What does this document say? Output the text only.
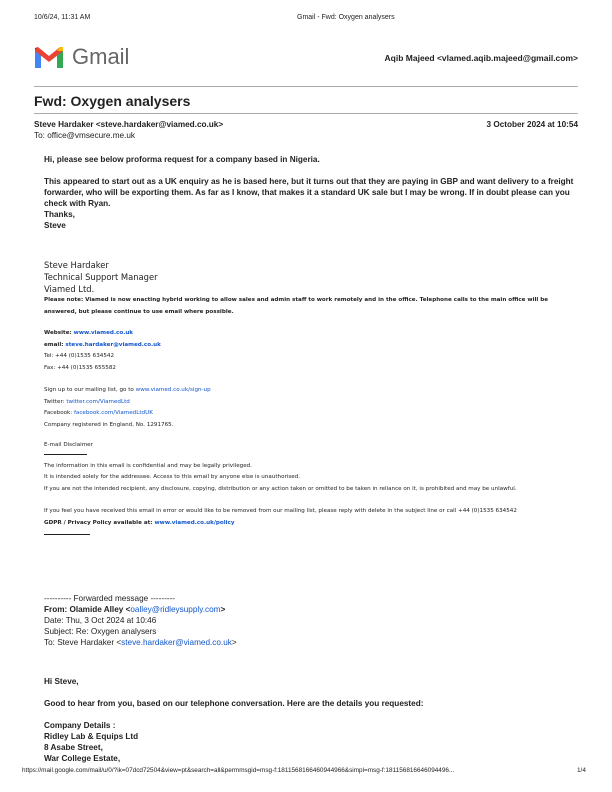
10/6/24, 11:31 AM	Gmail - Fwd: Oxygen analysers
Gmail	Aqib Majeed <vlamed.aqib.majeed@gmail.com>
Fwd: Oxygen analysers
Steve Hardaker <steve.hardaker@viamed.co.uk>	3 October 2024 at 10:54
To: office@vmsecure.me.uk
Hi, please see below proforma request for a company based in Nigeria.
This appeared to start out as a UK enquiry as he is based here, but it turns out that they are paying in GBP and want delivery to a freight forwarder, who will be exporting them. As far as I know, that makes it a standard UK sale but I may be wrong. If in doubt please can you check with Ryan.
Thanks,
Steve
Steve Hardaker
Technical Support Manager
Viamed Ltd.
Please note: Viamed is now enacting hybrid working to allow sales and admin staff to work remotely and in the office. Telephone calls to the main office will be answered, but please continue to use email where possible.
Website: www.viamed.co.uk
email: steve.hardaker@viamed.co.uk
Tel: +44 (0)1535 634542
Fax: +44 (0)1535 655582
Sign up to our mailing list, go to www.viamed.co.uk/sign-up
Twitter: twitter.com/ViamedLtd
Facebook: facebook.com/ViamedLtdUK
Company registered in England, No. 1291765.
E-mail Disclaimer
The information in this email is confidential and may be legally privileged.
It is intended solely for the addressee. Access to this email by anyone else is unauthorised.
If you are not the intended recipient, any disclosure, copying, distribution or any action taken or omitted to be taken in reliance on it, is prohibited and may be unlawful.
If you feel you have received this email in error or would like to be removed from our mailing list, please reply with delete in the subject line or call +44 (0)1535 634542
GDPR / Privacy Policy available at: www.viamed.co.uk/policy
---------- Forwarded message ---------
From: Olamide Alley <oalley@ridleysupply.com>
Date: Thu, 3 Oct 2024 at 10:46
Subject: Re: Oxygen analysers
To: Steve Hardaker <steve.hardaker@viamed.co.uk>
Hi Steve,
Good to hear from you, based on our telephone conversation. Here are the details you requested:
Company Details :
Ridley Lab & Equips Ltd
8 Asabe Street,
War College Estate,
https://mail.google.com/mail/u/0/?ik=07dcd72504&view=pt&search=all&permmsgid=msg-f:1811568166460944966&simpl=msg-f:181156816646094496...	1/4
